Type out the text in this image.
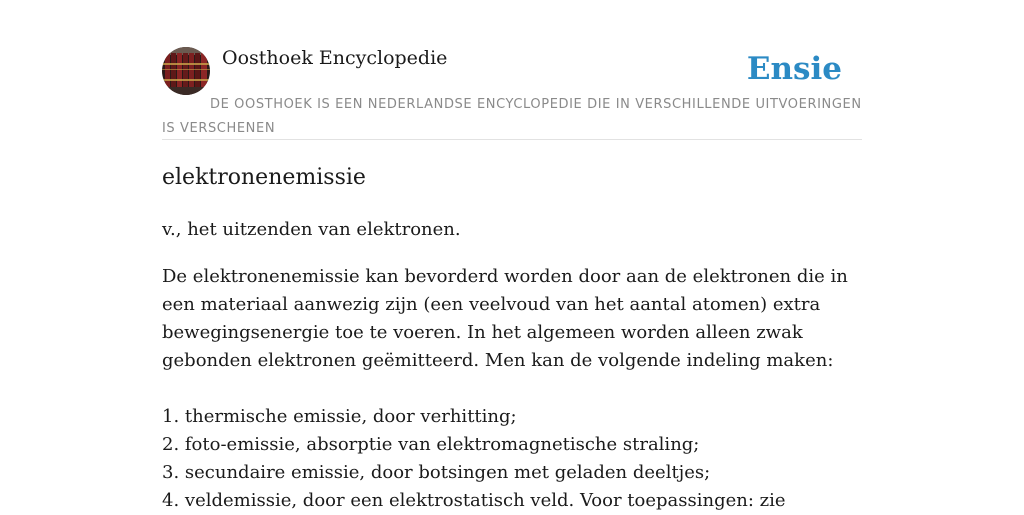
Oosthoek Encyclopedie	Ensie
DE OOSTHOEK IS EEN NEDERLANDSE ENCYCLOPEDIE DIE IN VERSCHILLENDE UITVOERINGEN IS VERSCHENEN
elektronenemissie

v., het uitzenden van elektronen.

De elektronenemissie kan bevorderd worden door aan de elektronen die in een materiaal aanwezig zijn (een veelvoud van het aantal atomen) extra bewegingsenergie toe te voeren. In het algemeen worden alleen zwak gebonden elektronen geëmitteerd. Men kan de volgende indeling maken:

1. thermische emissie, door verhitting;

2. foto-emissie, absorptie van elektromagnetische straling;

3. secundaire emissie, door botsingen met geladen deeltjes;

4. veldemissie, door een elektrostatisch veld. Voor toepassingen: zie
